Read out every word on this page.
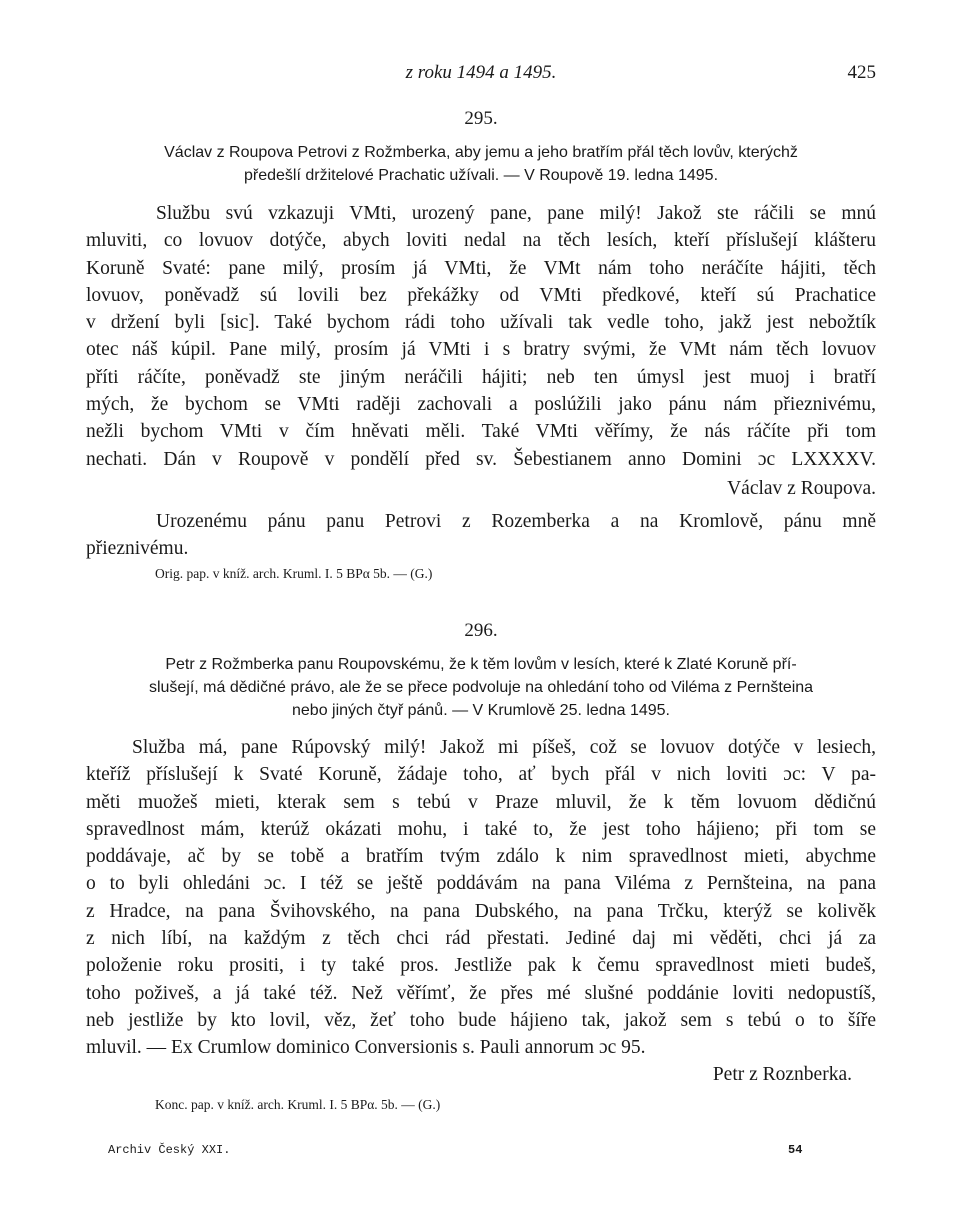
z roku 1494 a 1495.	425
295.
Václav z Roupova Petrovi z Rožmberka, aby jemu a jeho bratřím přál těch lovův, kterýchž
předešlí držitelové Prachatic užívali. — V Roupově 19. ledna 1495.
Službu svú vzkazuji VMti, urozený pane, pane milý! Jakož ste ráčili se mnú
mluviti, co lovuov dotýče, abych loviti nedal na těch lesích, kteří příslušejí klášteru
Koruně Svaté: pane milý, prosím já VMti, že VMt nám toho neráčíte hájiti, těch
lovuov, poněvadž sú lovili bez překážky od VMti předkové, kteří sú Prachatice
v držení byli [sic]. Také bychom rádi toho užívali tak vedle toho, jakž jest nebožtík
otec náš kúpil. Pane milý, prosím já VMti i s bratry svými, že VMt nám těch lovuov
příti ráčíte, poněvadž ste jiným neráčili hájiti; neb ten úmysl jest muoj i bratří
mých, že bychom se VMti raději zachovali a poslúžili jako pánu nám přieznivému,
nežli bychom VMti v čím hněvati měli. Také VMti věřímy, že nás ráčíte při tom
nechati. Dán v Roupově v pondělí před sv. Šebestianem anno Domini ɔc LXXXXV.
Václav z Roupova.
Urozenému pánu panu Petrovi z Rozemberka a na Kromlově, pánu mně
přieznivému.
Orig. pap. v kníž. arch. Kruml. I. 5 BPα 5b. — (G.)
296.
Petr z Rožmberka panu Roupovskému, že k těm lovům v lesích, které k Zlaté Koruně pří-
slušejí, má dědičné právo, ale že se přece podvoluje na ohledání toho od Viléma z Pernšteina
nebo jiných čtyř pánů. — V Krumlově 25. ledna 1495.
Služba má, pane Rúpovský milý! Jakož mi píšeš, což se lovuov dotýče v lesiech,
kteříž příslušejí k Svaté Koruně, žádaje toho, ať bych přál v nich loviti ɔc: V pa-
měti muožeš mieti, kterak sem s tebú v Praze mluvil, že k těm lovuom dědičnú
spravedlnost mám, kterúž okázati mohu, i také to, že jest toho hájieno; při tom se
poddávaje, ač by se tobě a bratřím tvým zdálo k nim spravedlnost mieti, abychme
o to byli ohledáni ɔc. I též se ještě poddávám na pana Viléma z Pernšteina, na pana
z Hradce, na pana Švihovského, na pana Dubského, na pana Trčku, kterýž se kolivěk
z nich líbí, na každým z těch chci rád přestati. Jediné daj mi věděti, chci já za
položenie roku prositi, i ty také pros. Jestliže pak k čemu spravedlnost mieti budeš,
toho poživeš, a já také též. Než věřímť, že přes mé slušné poddánie loviti nedopustíš,
neb jestliže by kto lovil, věz, žeť toho bude hájieno tak, jakož sem s tebú o to šíře
mluvil. — Ex Crumlow dominico Conversionis s. Pauli annorum ɔc 95.
Petr z Roznberka.
Konc. pap. v kníž. arch. Kruml. I. 5 BPα. 5b. — (G.)
Archiv Český XXI.	54
